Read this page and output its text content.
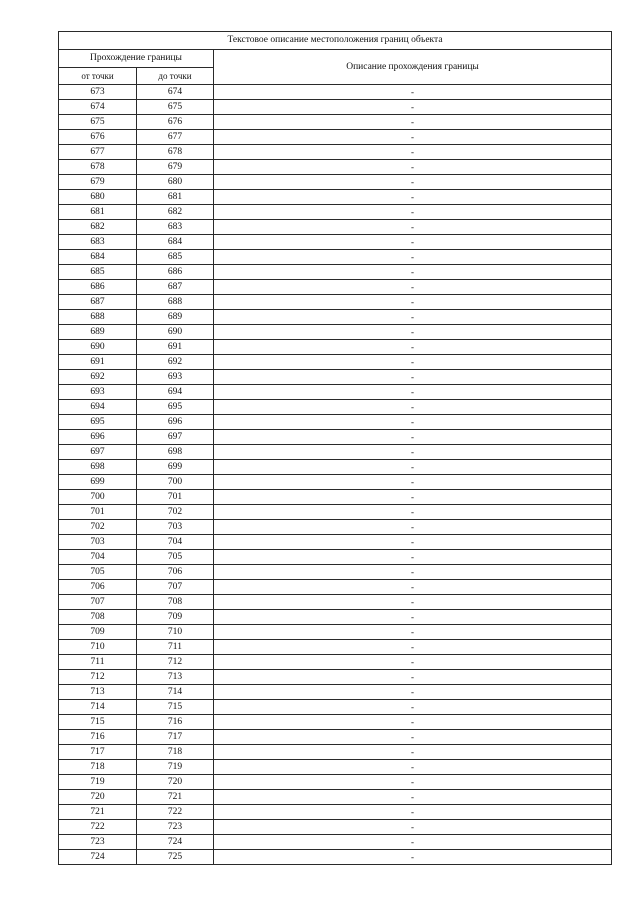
Текстовое описание местоположения границ объекта		
Прохождение границы		Описание прохождения границы
от точки	до точки	
673	674	-
674	675	-
675	676	-
676	677	-
677	678	-
678	679	-
679	680	-
680	681	-
681	682	-
682	683	-
683	684	-
684	685	-
685	686	-
686	687	-
687	688	-
688	689	-
689	690	-
690	691	-
691	692	-
692	693	-
693	694	-
694	695	-
695	696	-
696	697	-
697	698	-
698	699	-
699	700	-
700	701	-
701	702	-
702	703	-
703	704	-
704	705	-
705	706	-
706	707	-
707	708	-
708	709	-
709	710	-
710	711	-
711	712	-
712	713	-
713	714	-
714	715	-
715	716	-
716	717	-
717	718	-
718	719	-
719	720	-
720	721	-
721	722	-
722	723	-
723	724	-
724	725	-
